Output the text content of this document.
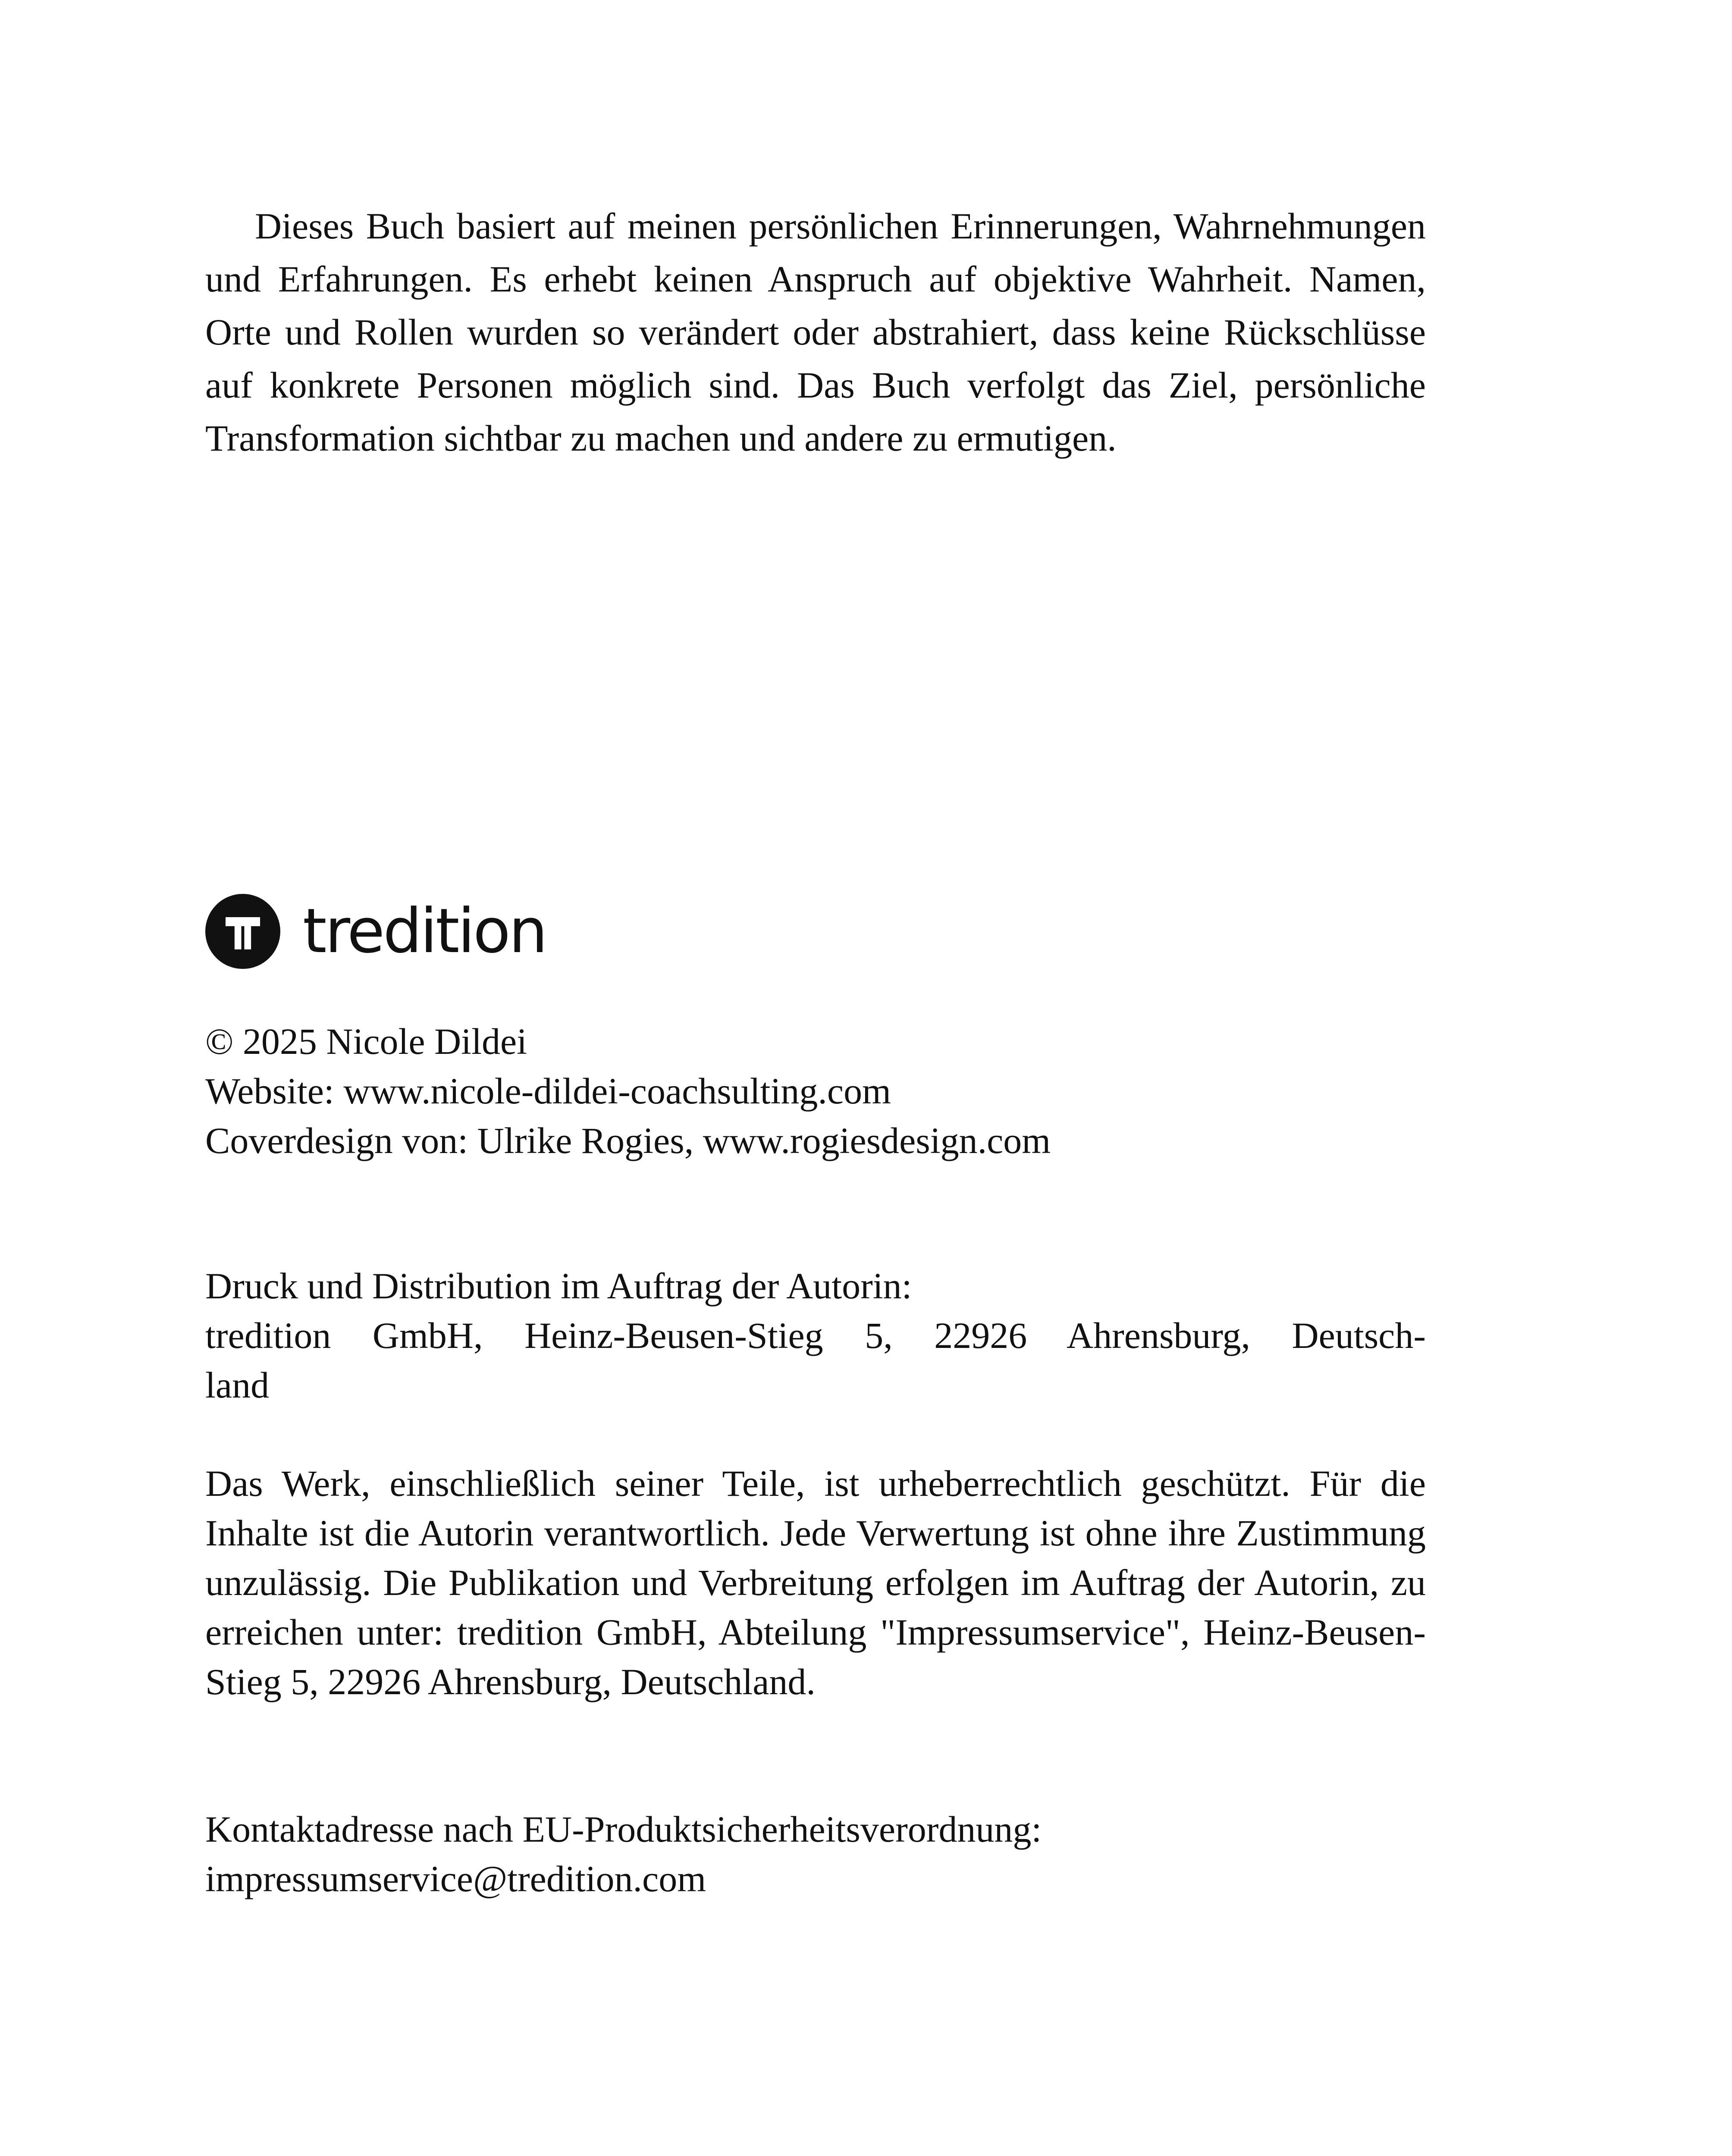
Dieses Buch basiert auf meinen persönlichen Erinnerungen, Wahrnehmungen und Erfahrungen. Es erhebt keinen Anspruch auf objektive Wahrheit. Namen, Orte und Rollen wurden so verändert oder abstrahiert, dass keine Rückschlüsse auf konkrete Personen möglich sind. Das Buch verfolgt das Ziel, persönliche Transformation sichtbar zu machen und andere zu ermutigen.

tredition
© 2025 Nicole Dildei
Website: www.nicole-dildei-coachsulting.com
Coverdesign von: Ulrike Rogies, www.rogiesdesign.com
Druck und Distribution im Auftrag der Autorin:
tredition GmbH, Heinz-Beusen-Stieg 5, 22926 Ahrensburg, Deutsch-
land

Das Werk, einschließlich seiner Teile, ist urheberrechtlich geschützt. Für die Inhalte ist die Autorin verantwortlich. Jede Verwertung ist ohne ihre Zustimmung unzulässig. Die Publikation und Verbreitung erfolgen im Auftrag der Autorin, zu erreichen unter: tredition GmbH, Abteilung "Impressumservice", Heinz-Beusen-Stieg 5, 22926 Ahrensburg, Deutschland.

Kontaktadresse nach EU-Produktsicherheitsverordnung:
impressumservice@tredition.com
